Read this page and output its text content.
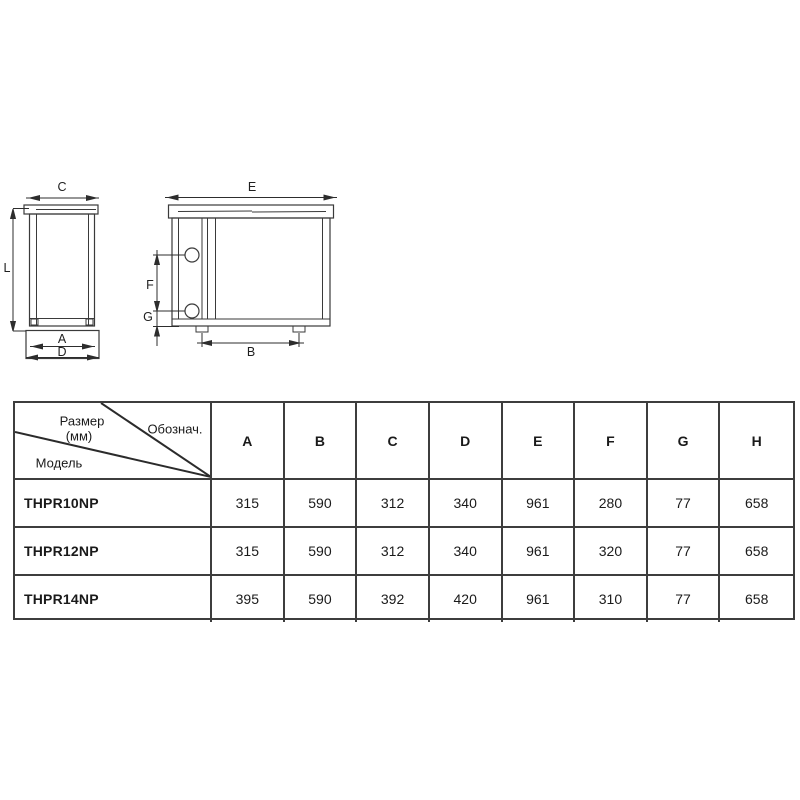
C
L
A
D
E
F
G
B
Размер
(мм)	Обознач.
Модель
A	B	C	D	E	F	G	H
THPR10NP	315	590	312	340	961	280	77	658
THPR12NP	315	590	312	340	961	320	77	658
THPR14NP	395	590	392	420	961	310	77	658
